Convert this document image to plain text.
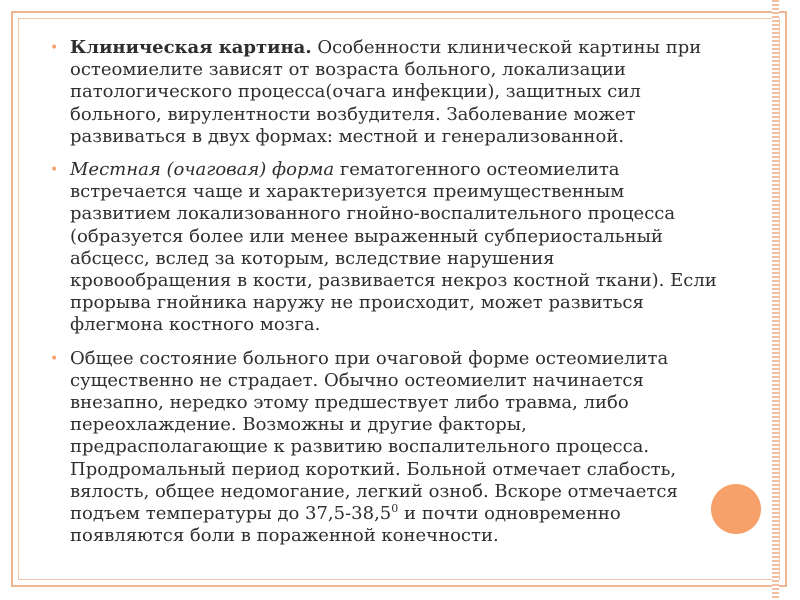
• Клиническая картина. Особенности клинической картины при остеомиелите зависят от возраста больного, локализации патологического процесса(очага инфекции), защитных сил больного, вирулентности возбудителя. Заболевание может развиваться в двух формах: местной и генерализованной.

• Местная (очаговая) форма гематогенного остеомиелита встречается чаще и характеризуется преимущественным развитием локализованного гнойно-воспалительного процесса (образуется более или менее выраженный субпериостальный абсцесс, вслед за которым, вследствие нарушения кровообращения в кости, развивается некроз костной ткани). Если прорыва гнойника наружу не происходит, может развиться флегмона костного мозга.

• Общее состояние больного при очаговой форме остеомиелита существенно не страдает. Обычно остеомиелит начинается внезапно, нередко этому предшествует либо травма, либо переохлаждение. Возможны и другие факторы, предрасполагающие к развитию воспалительного процесса. Продромальный период короткий. Больной отмечает слабость, вялость, общее недомогание, легкий озноб. Вскоре отмечается подъем температуры до 37,5-38,5$^0$ и почти одновременно появляются боли в пораженной конечности.
